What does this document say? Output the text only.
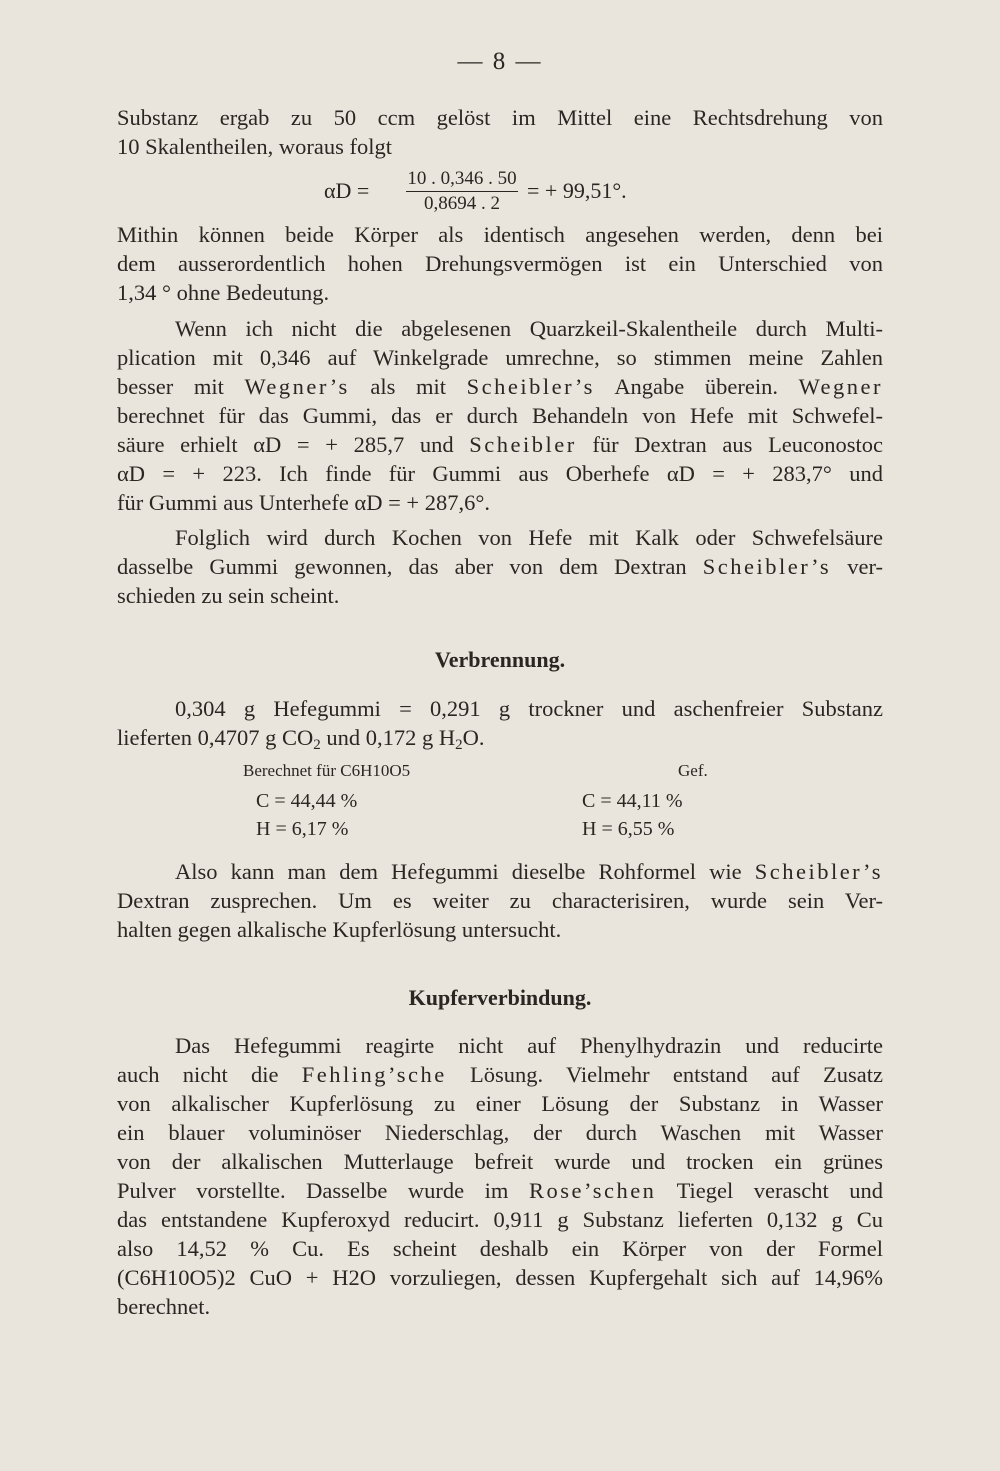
— 8 —

Substanz ergab zu 50 ccm gelöst im Mittel eine Rechtsdrehung von

10 Skalentheilen, woraus folgt

$\alpha D = \frac{10 . 0,346 . 50}{0,8694 . 2}$ = + 99,51°.

Mithin können beide Körper als identisch angesehen werden, denn bei

dem ausserordentlich hohen Drehungsvermögen ist ein Unterschied von

1,34 ° ohne Bedeutung.

Wenn ich nicht die abgelesenen Quarzkeil-Skalentheile durch Multi-

plication mit 0,346 auf Winkelgrade umrechne, so stimmen meine Zahlen

besser mit Wegner’s als mit Scheibler’s Angabe überein. Wegner

berechnet für das Gummi, das er durch Behandeln von Hefe mit Schwefel-

säure erhielt αD = + 285,7 und Scheibler für Dextran aus Leuconostoc

αD = + 223. Ich finde für Gummi aus Oberhefe αD = + 283,7° und

für Gummi aus Unterhefe αD = + 287,6°.

Folglich wird durch Kochen von Hefe mit Kalk oder Schwefelsäure

dasselbe Gummi gewonnen, das aber von dem Dextran Scheibler’s ver-

schieden zu sein scheint.

Verbrennung.

0,304 g Hefegummi = 0,291 g trockner und aschenfreier Substanz

lieferten 0,4707 g $CO_2$ und 0,172 g $H_2O$.

Berechnet für C6H10O5	Gef.
C = 44,44 %	C = 44,11 %
H = 6,17 %	H = 6,55 %

Also kann man dem Hefegummi dieselbe Rohformel wie Scheibler’s

Dextran zusprechen. Um es weiter zu characterisiren, wurde sein Ver-

halten gegen alkalische Kupferlösung untersucht.

Kupferverbindung.

Das Hefegummi reagirte nicht auf Phenylhydrazin und reducirte

auch nicht die Fehling’sche Lösung. Vielmehr entstand auf Zusatz

von alkalischer Kupferlösung zu einer Lösung der Substanz in Wasser

ein blauer voluminöser Niederschlag, der durch Waschen mit Wasser

von der alkalischen Mutterlauge befreit wurde und trocken ein grünes

Pulver vorstellte. Dasselbe wurde im Rose’schen Tiegel verascht und

das entstandene Kupferoxyd reducirt. 0,911 g Substanz lieferten 0,132 g Cu

also 14,52 % Cu. Es scheint deshalb ein Körper von der Formel

(C6H10O5)2 CuO + H2O vorzuliegen, dessen Kupfergehalt sich auf 14,96%

berechnet.
